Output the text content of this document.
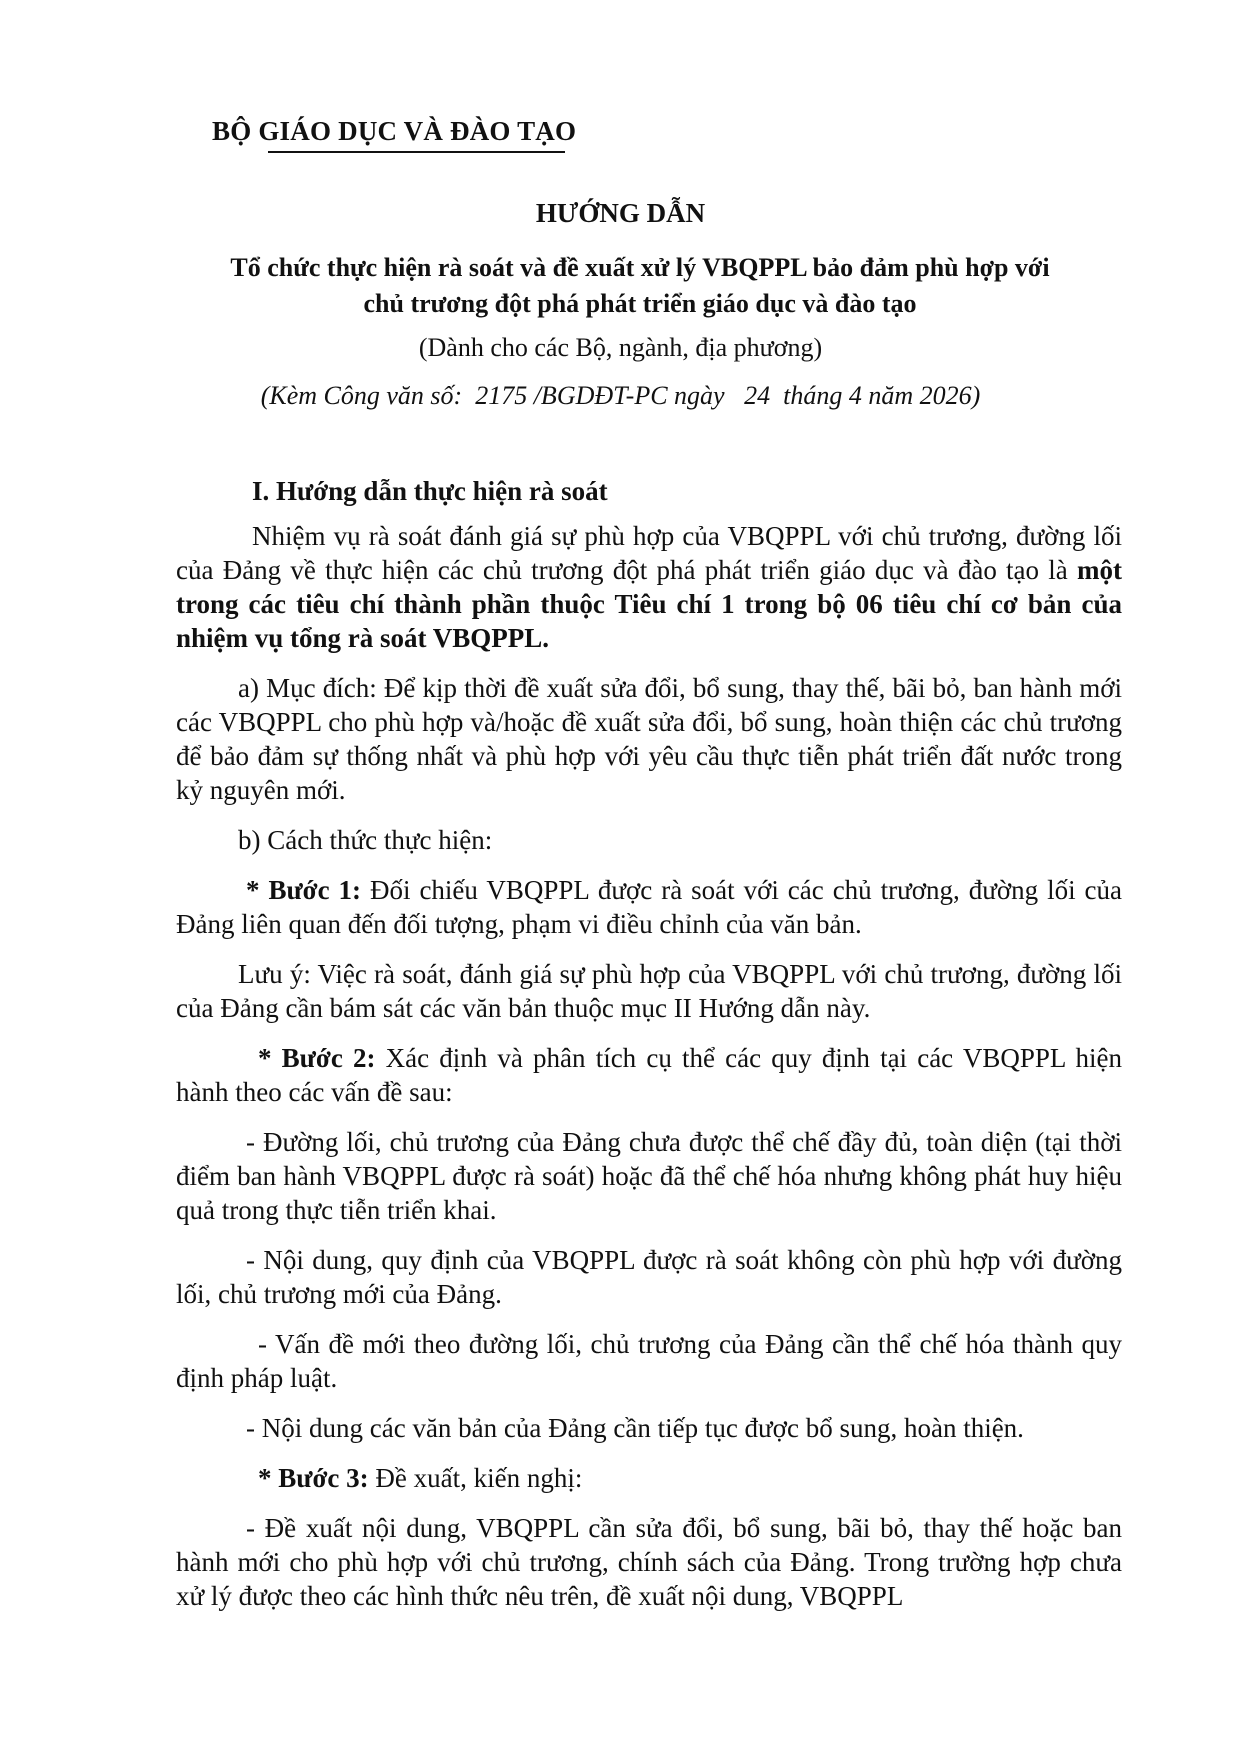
BỘ GIÁO DỤC VÀ ĐÀO TẠO
HƯỚNG DẪN
Tổ chức thực hiện rà soát và đề xuất xử lý VBQPPL bảo đảm phù hợp với
chủ trương đột phá phát triển giáo dục và đào tạo
(Dành cho các Bộ, ngành, địa phương)
(Kèm Công văn số:  2175 /BGDĐT-PC ngày   24  tháng 4 năm 2026)
I. Hướng dẫn thực hiện rà soát

Nhiệm vụ rà soát đánh giá sự phù hợp của VBQPPL với chủ trương, đường lối của Đảng về thực hiện các chủ trương đột phá phát triển giáo dục và đào tạo là một trong các tiêu chí thành phần thuộc Tiêu chí 1 trong bộ 06 tiêu chí cơ bản của nhiệm vụ tổng rà soát VBQPPL.

a) Mục đích: Để kịp thời đề xuất sửa đổi, bổ sung, thay thế, bãi bỏ, ban hành mới các VBQPPL cho phù hợp và/hoặc đề xuất sửa đổi, bổ sung, hoàn thiện các chủ trương để bảo đảm sự thống nhất và phù hợp với yêu cầu thực tiễn phát triển đất nước trong kỷ nguyên mới.

b) Cách thức thực hiện:

* Bước 1: Đối chiếu VBQPPL được rà soát với các chủ trương, đường lối của Đảng liên quan đến đối tượng, phạm vi điều chỉnh của văn bản.

Lưu ý: Việc rà soát, đánh giá sự phù hợp của VBQPPL với chủ trương, đường lối của Đảng cần bám sát các văn bản thuộc mục II Hướng dẫn này.

* Bước 2: Xác định và phân tích cụ thể các quy định tại các VBQPPL hiện hành theo các vấn đề sau:

- Đường lối, chủ trương của Đảng chưa được thể chế đầy đủ, toàn diện (tại thời điểm ban hành VBQPPL được rà soát) hoặc đã thể chế hóa nhưng không phát huy hiệu quả trong thực tiễn triển khai.

- Nội dung, quy định của VBQPPL được rà soát không còn phù hợp với đường lối, chủ trương mới của Đảng.

- Vấn đề mới theo đường lối, chủ trương của Đảng cần thể chế hóa thành quy định pháp luật.

- Nội dung các văn bản của Đảng cần tiếp tục được bổ sung, hoàn thiện.

* Bước 3: Đề xuất, kiến nghị:

- Đề xuất nội dung, VBQPPL cần sửa đổi, bổ sung, bãi bỏ, thay thế hoặc ban hành mới cho phù hợp với chủ trương, chính sách của Đảng. Trong trường hợp chưa xử lý được theo các hình thức nêu trên, đề xuất nội dung, VBQPPL
